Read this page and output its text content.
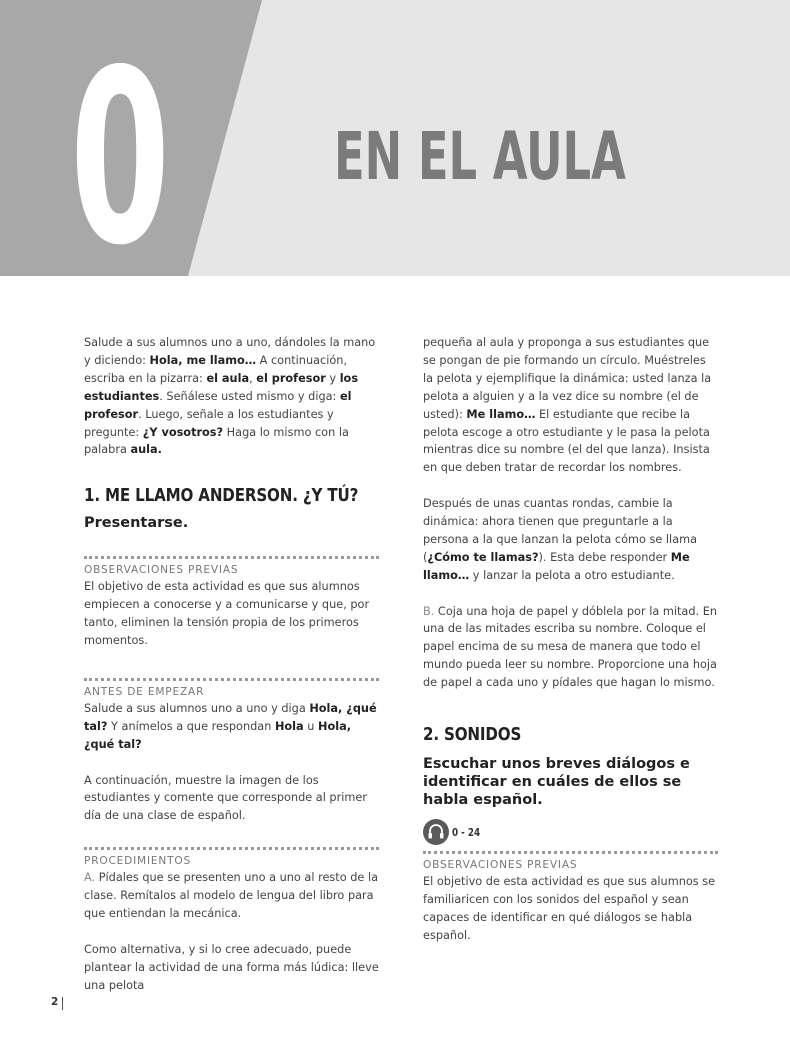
0	EN EL AULA

Salude a sus alumnos uno a uno, dándoles la mano y diciendo: Hola, me llamo… A continuación, escriba en la pizarra: el aula, el profesor y los estudiantes. Señálese usted mismo y diga: el profesor. Luego, señale a los estudiantes y pregunte: ¿Y vosotros? Haga lo mismo con la palabra aula.

1. ME LLAMO ANDERSON. ¿Y TÚ?
Presentarse.
OBSERVACIONES PREVIAS

El objetivo de esta actividad es que sus alumnos empiecen a conocerse y a comunicarse y que, por tanto, eliminen la tensión propia de los primeros momentos.

ANTES DE EMPEZAR

Salude a sus alumnos uno a uno y diga Hola, ¿qué tal? Y anímelos a que respondan Hola u Hola, ¿qué tal?

A continuación, muestre la imagen de los estudiantes y comente que corresponde al primer día de una clase de español.

PROCEDIMIENTOS

A. Pídales que se presenten uno a uno al resto de la clase. Remítalos al modelo de lengua del libro para que entiendan la mecánica.

Como alternativa, y si lo cree adecuado, puede plantear la actividad de una forma más lúdica: lleve una pelota

pequeña al aula y proponga a sus estudiantes que se pongan de pie formando un círculo. Muéstreles la pelota y ejemplifique la dinámica: usted lanza la pelota a alguien y a la vez dice su nombre (el de usted): Me llamo… El estudiante que recibe la pelota escoge a otro estudiante y le pasa la pelota mientras dice su nombre (el del que lanza). Insista en que deben tratar de recordar los nombres.

Después de unas cuantas rondas, cambie la dinámica: ahora tienen que preguntarle a la persona a la que lanzan la pelota cómo se llama (¿Cómo te llamas?). Esta debe responder Me llamo… y lanzar la pelota a otro estudiante.

B. Coja una hoja de papel y dóblela por la mitad. En una de las mitades escriba su nombre. Coloque el papel encima de su mesa de manera que todo el mundo pueda leer su nombre. Proporcione una hoja de papel a cada uno y pídales que hagan lo mismo.

2. SONIDOS
Escuchar unos breves diálogos e identificar en cuáles de ellos se habla español.
0 - 24
OBSERVACIONES PREVIAS

El objetivo de esta actividad es que sus alumnos se familiaricen con los sonidos del español y sean capaces de identificar en qué diálogos se habla español.

2
